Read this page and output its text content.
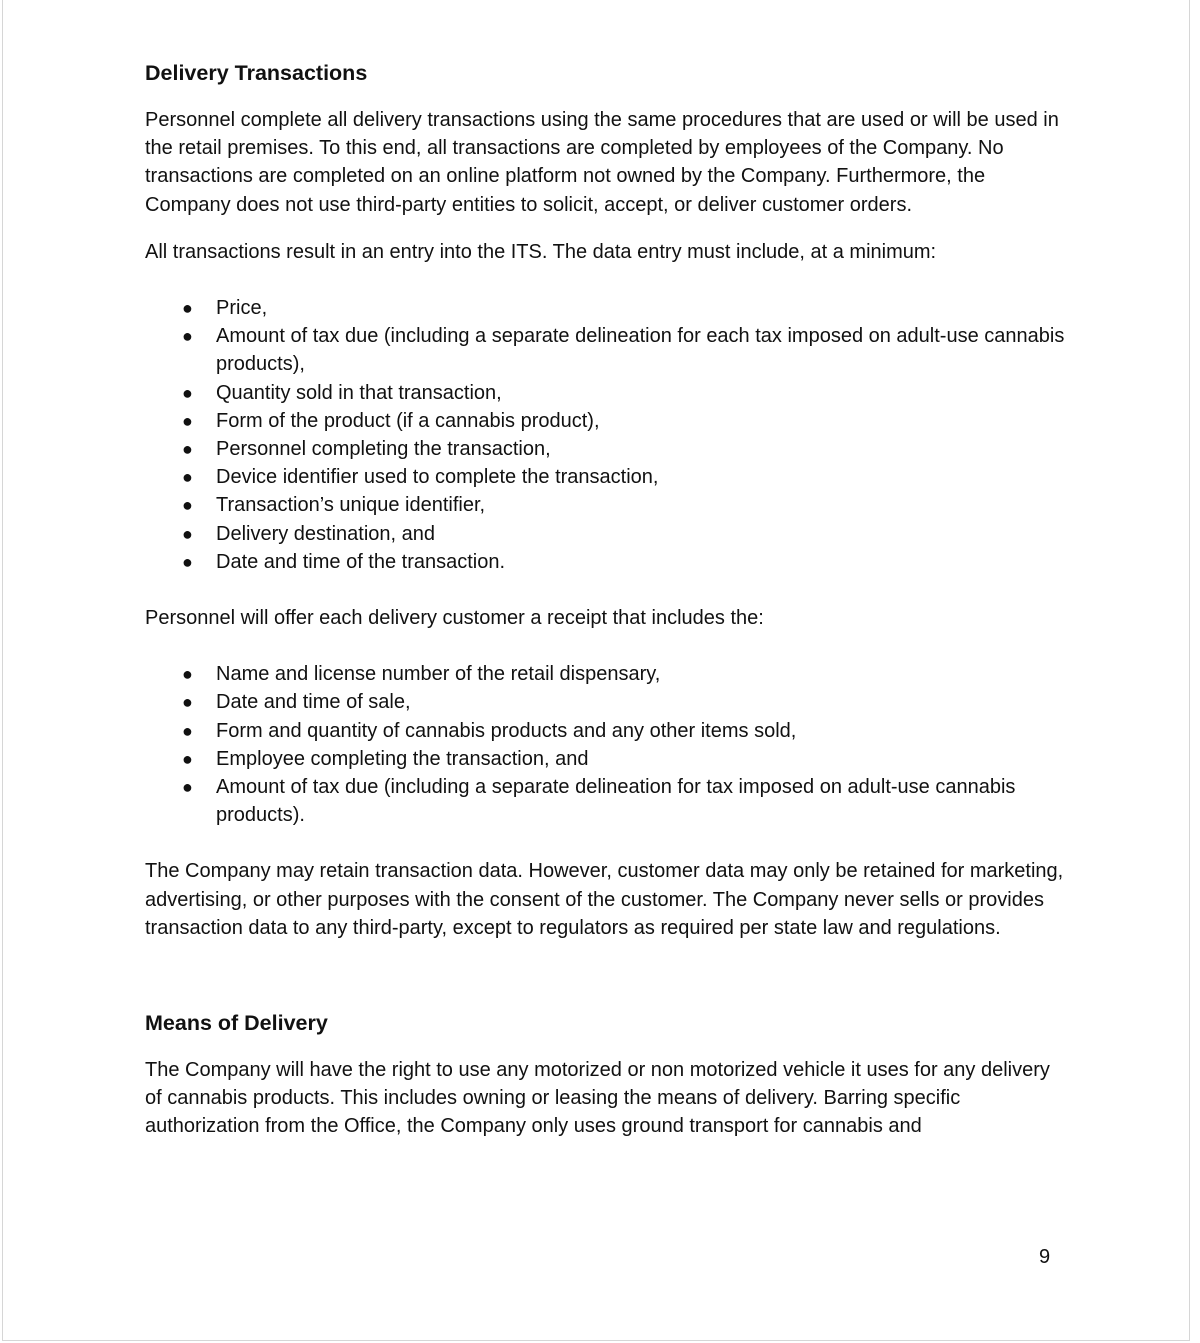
Delivery Transactions

Personnel complete all delivery transactions using the same procedures that are used or will be used in the retail premises. To this end, all transactions are completed by employees of the Company. No transactions are completed on an online platform not owned by the Company. Furthermore, the Company does not use third-party entities to solicit, accept, or deliver customer orders.

All transactions result in an entry into the ITS. The data entry must include, at a minimum:

● Price,
● Amount of tax due (including a separate delineation for each tax imposed on adult-use cannabis products),
● Quantity sold in that transaction,
● Form of the product (if a cannabis product),
● Personnel completing the transaction,
● Device identifier used to complete the transaction,
● Transaction’s unique identifier,
● Delivery destination, and
● Date and time of the transaction.

Personnel will offer each delivery customer a receipt that includes the:

● Name and license number of the retail dispensary,
● Date and time of sale,
● Form and quantity of cannabis products and any other items sold,
● Employee completing the transaction, and
● Amount of tax due (including a separate delineation for tax imposed on adult-use cannabis products).

The Company may retain transaction data. However, customer data may only be retained for marketing, advertising, or other purposes with the consent of the customer. The Company never sells or provides transaction data to any third-party, except to regulators as required per state law and regulations.

Means of Delivery

The Company will have the right to use any motorized or non motorized vehicle it uses for any delivery of cannabis products. This includes owning or leasing the means of delivery. Barring specific authorization from the Office, the Company only uses ground transport for cannabis and

9
